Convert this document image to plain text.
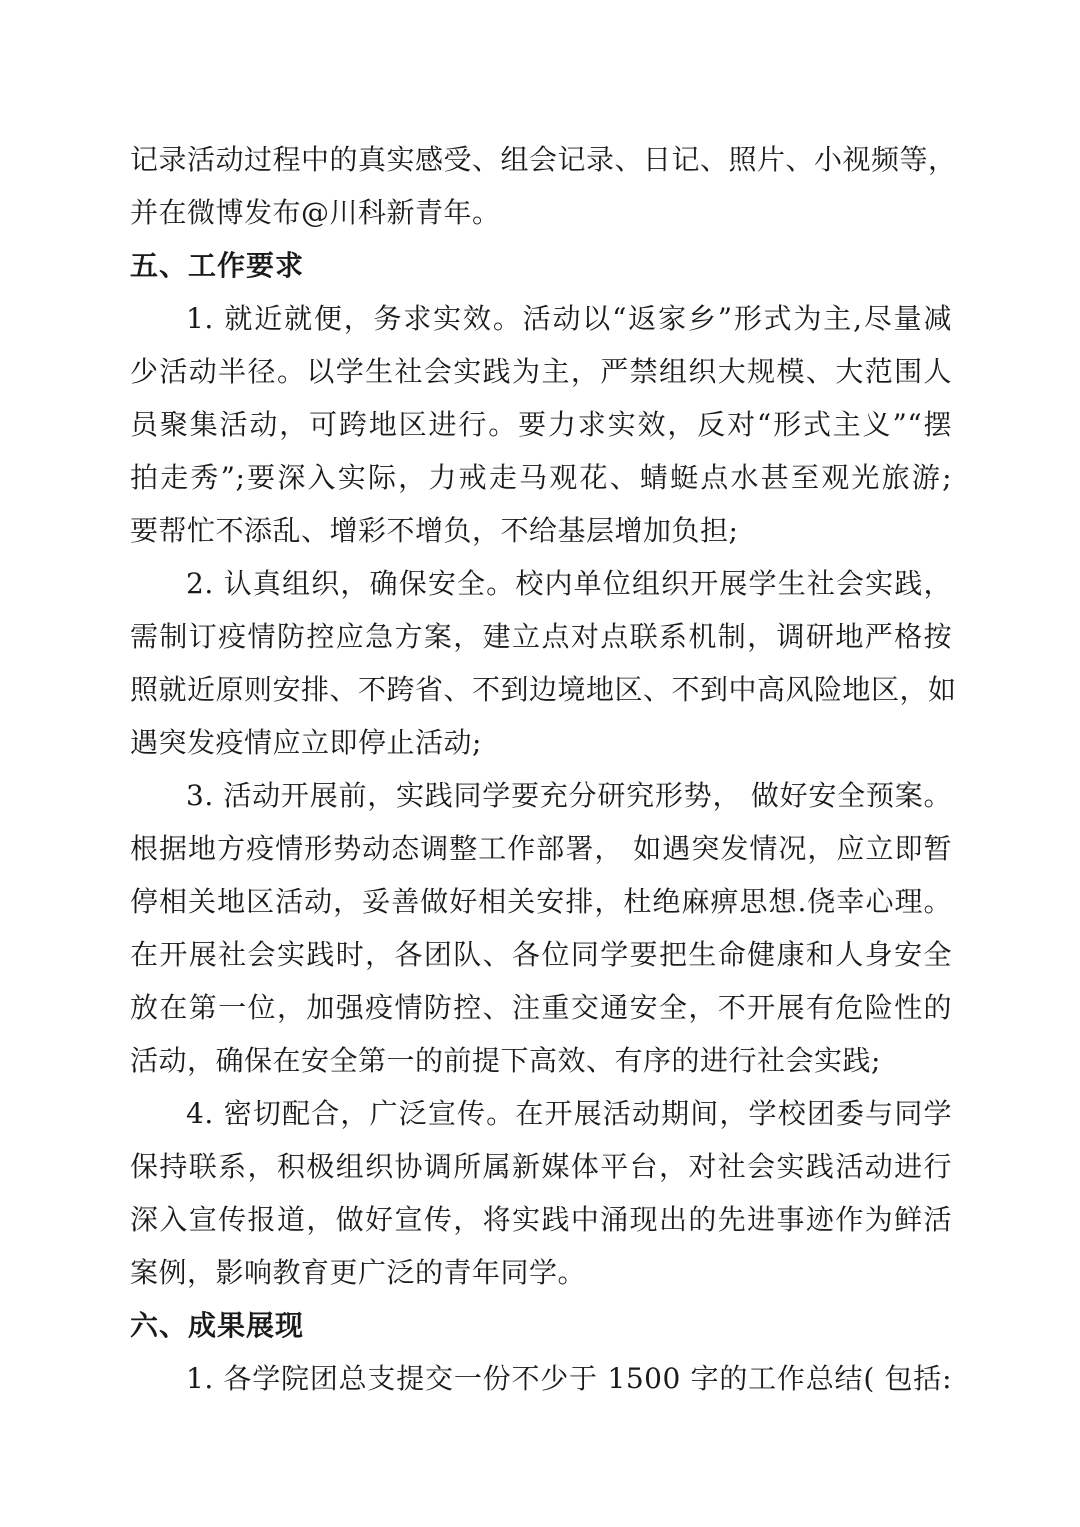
记录活动过程中的真实感受、组会记录、日记、照片、小视频等，
并在微博发布@川科新青年。
五、工作要求
1. 就近就便，务求实效。活动以“返家乡”形式为主,尽量减
少活动半径。以学生社会实践为主，严禁组织大规模、大范围人
员聚集活动，可跨地区进行。要力求实效，反对“形式主义”“摆
拍走秀”;要深入实际，力戒走马观花、蜻蜓点水甚至观光旅游;
要帮忙不添乱、增彩不增负，不给基层增加负担;
2. 认真组织，确保安全。校内单位组织开展学生社会实践，
需制订疫情防控应急方案，建立点对点联系机制，调研地严格按
照就近原则安排、不跨省、不到边境地区、不到中高风险地区，如
遇突发疫情应立即停止活动;
3. 活动开展前，实践同学要充分研究形势， 做好安全预案。
根据地方疫情形势动态调整工作部署， 如遇突发情况，应立即暂
停相关地区活动，妥善做好相关安排，杜绝麻痹思想.侥幸心理。
在开展社会实践时，各团队、各位同学要把生命健康和人身安全
放在第一位，加强疫情防控、注重交通安全，不开展有危险性的
活动，确保在安全第一的前提下高效、有序的进行社会实践;
4. 密切配合，广泛宣传。在开展活动期间，学校团委与同学
保持联系，积极组织协调所属新媒体平台，对社会实践活动进行
深入宣传报道，做好宣传，将实践中涌现出的先进事迹作为鲜活
案例，影响教育更广泛的青年同学。
六、成果展现
1. 各学院团总支提交一份不少于 1500 字的工作总结( 包括:
